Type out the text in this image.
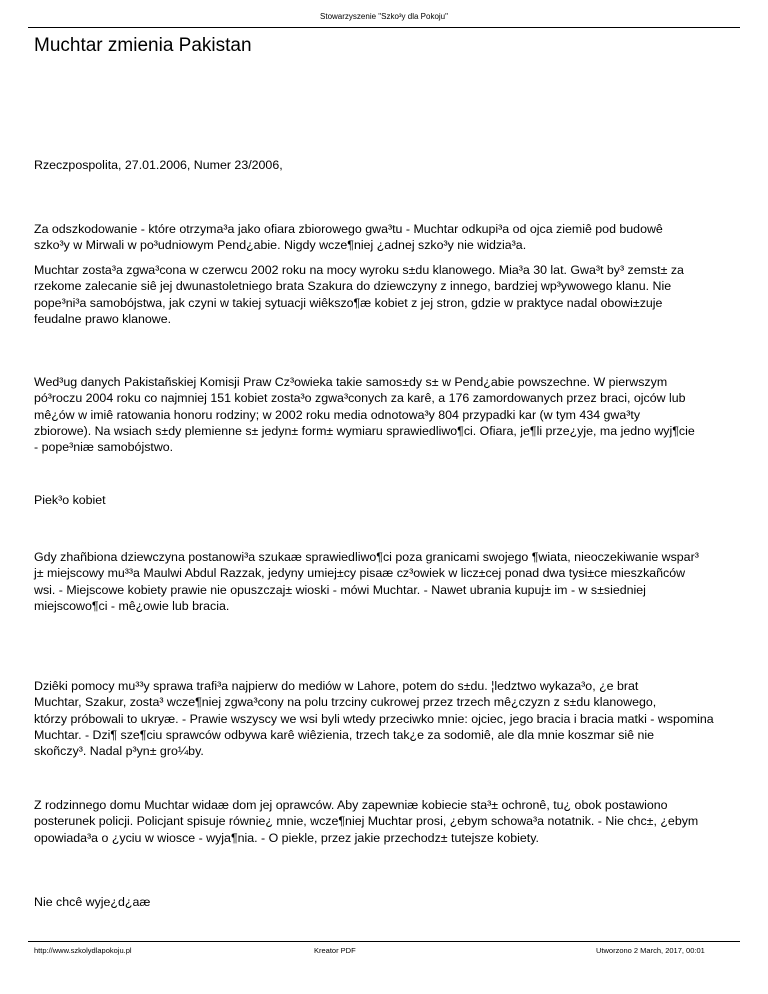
Stowarzyszenie "Szko³y dla Pokoju"
Muchtar zmienia Pakistan

Rzeczpospolita, 27.01.2006, Numer 23/2006,

Za odszkodowanie - które otrzyma³a jako ofiara zbiorowego gwa³tu - Muchtar odkupi³a od ojca ziemiê pod budowê
szko³y w Mirwali w po³udniowym Pend¿abie. Nigdy wcze¶niej ¿adnej szko³y nie widzia³a.

Muchtar zosta³a zgwa³cona w czerwcu 2002 roku na mocy wyroku s±du klanowego. Mia³a 30 lat. Gwa³t by³ zemst± za
rzekome zalecanie siê jej dwunastoletniego brata Szakura do dziewczyny z innego, bardziej wp³ywowego klanu. Nie
pope³ni³a samobójstwa, jak czyni w takiej sytuacji wiêkszo¶æ kobiet z jej stron, gdzie w praktyce nadal obowi±zuje
feudalne prawo klanowe.

Wed³ug danych Pakistañskiej Komisji Praw Cz³owieka takie samos±dy s± w Pend¿abie powszechne. W pierwszym
pó³roczu 2004 roku co najmniej 151 kobiet zosta³o zgwa³conych za karê, a 176 zamordowanych przez braci, ojców lub
mê¿ów w imiê ratowania honoru rodziny; w 2002 roku media odnotowa³y 804 przypadki kar (w tym 434 gwa³ty
zbiorowe). Na wsiach s±dy plemienne s± jedyn± form± wymiaru sprawiedliwo¶ci. Ofiara, je¶li prze¿yje, ma jedno wyj¶cie
- pope³niæ samobójstwo.

Piek³o kobiet

Gdy zhañbiona dziewczyna postanowi³a szukaæ sprawiedliwo¶ci poza granicami swojego ¶wiata, nieoczekiwanie wspar³
j± miejscowy mu³³a Maulwi Abdul Razzak, jedyny umiej±cy pisaæ cz³owiek w licz±cej ponad dwa tysi±ce mieszkañców
wsi. - Miejscowe kobiety prawie nie opuszczaj± wioski - mówi Muchtar. - Nawet ubrania kupuj± im - w s±siedniej
miejscowo¶ci - mê¿owie lub bracia.

Dziêki pomocy mu³³y sprawa trafi³a najpierw do mediów w Lahore, potem do s±du. ¦ledztwo wykaza³o, ¿e brat
Muchtar, Szakur, zosta³ wcze¶niej zgwa³cony na polu trzciny cukrowej przez trzech mê¿czyzn z s±du klanowego,
którzy próbowali to ukryæ. - Prawie wszyscy we wsi byli wtedy przeciwko mnie: ojciec, jego bracia i bracia matki - wspomina
Muchtar. - Dzi¶ sze¶ciu sprawców odbywa karê wiêzienia, trzech tak¿e za sodomiê, ale dla mnie koszmar siê nie
skoñczy³. Nadal p³yn± gro¼by.

Z rodzinnego domu Muchtar widaæ dom jej oprawców. Aby zapewniæ kobiecie sta³± ochronê, tu¿ obok postawiono
posterunek policji. Policjant spisuje równie¿ mnie, wcze¶niej Muchtar prosi, ¿ebym schowa³a notatnik. - Nie chc±, ¿ebym
opowiada³a o ¿yciu w wiosce - wyja¶nia. - O piekle, przez jakie przechodz± tutejsze kobiety.

Nie chcê wyje¿d¿aæ

http://www.szkolydlapokoju.pl	Kreator PDF	Utworzono 2 March, 2017, 00:01
